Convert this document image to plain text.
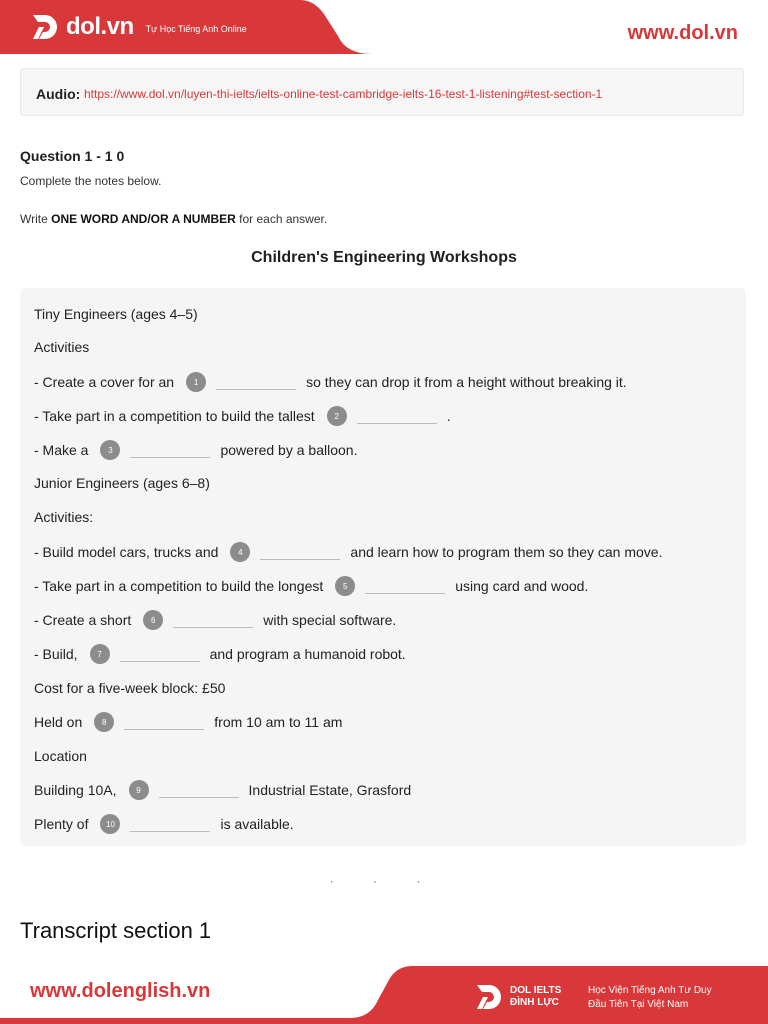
dol.vn Tự Học Tiếng Anh Online	www.dol.vn
Audio: https://www.dol.vn/luyen-thi-ielts/ielts-online-test-cambridge-ielts-16-test-1-listening#test-section-1
Question 1 - 1 0
Complete the notes below.
Write ONE WORD AND/OR A NUMBER for each answer.
Children's Engineering Workshops
Tiny Engineers (ages 4–5)
Activities
- Create a cover for an	1	so they can drop it from a height without breaking it.
- Take part in a competition to build the tallest	2	.
- Make a	3	powered by a balloon.
Junior Engineers (ages 6–8)
Activities:
- Build model cars, trucks and	4	and learn how to program them so they can move.
- Take part in a competition to build the longest	5	using card and wood.
- Create a short	6	with special software.
- Build,	7	and program a humanoid robot.
Cost for a five-week block: £50
Held on	8	from 10 am to 11 am
Location
Building 10A,	9	Industrial Estate, Grasford
Plenty of	10	is available.
· · ·
Transcript section 1
www.dolenglish.vn	DOL IELTS
ĐÌNH LỰC
Học Viện Tiếng Anh Tư Duy
Đầu Tiên Tại Việt Nam
